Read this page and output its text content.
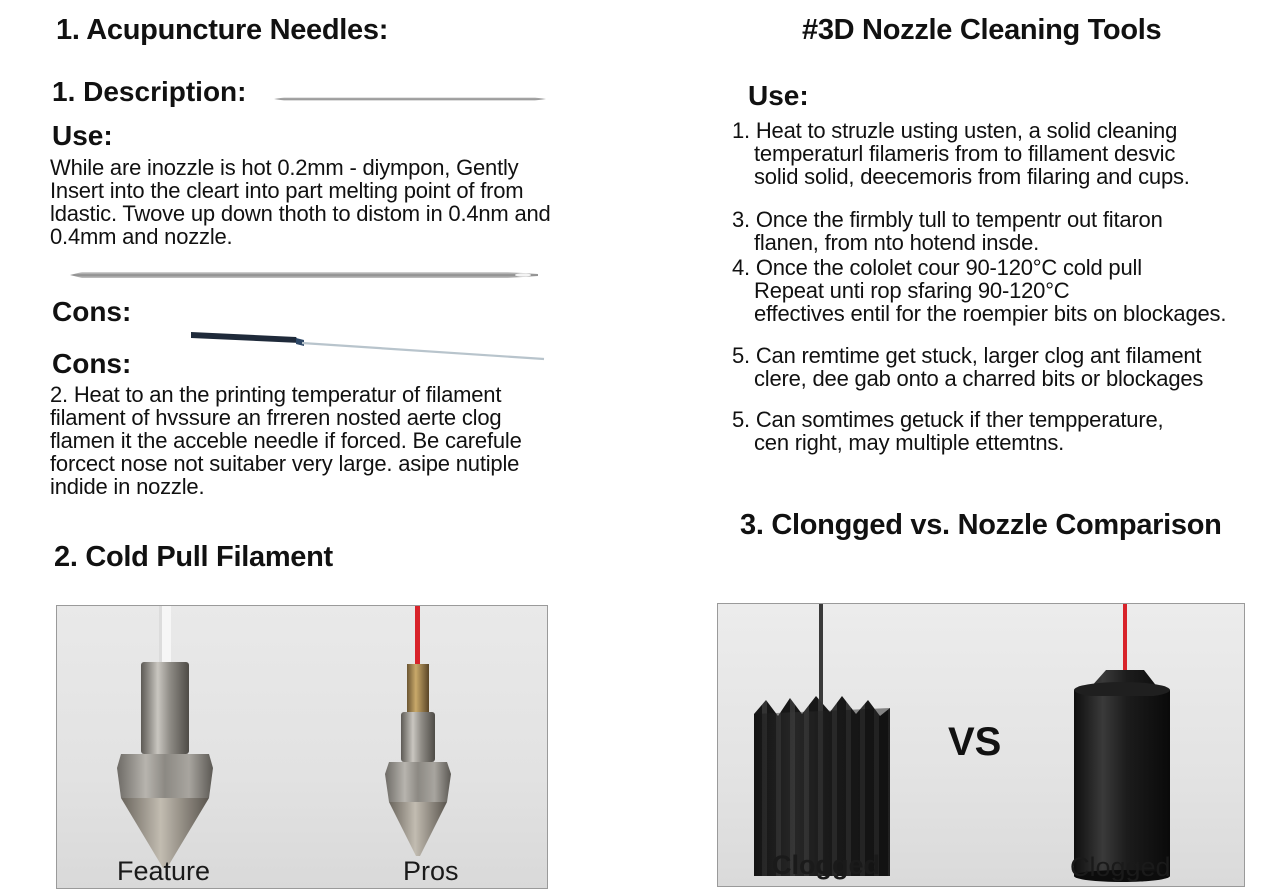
1. Acupuncture Needles:
1. Description:
Use:
While are inozzle is hot 0.2mm - diympon, Gently
Insert into the cleart into part melting point of from
ldastic. Twove up down thoth to distom in 0.4nm and
0.4mm and nozzle.
Cons:
Cons:
2. Heat to an the printing temperatur of filament
filament of hvssure an frreren nosted aerte clog
flamen it the acceble needle if forced. Be carefule
forcect nose not suitaber very large. asipe nutiple
indide in nozzle.
2. Cold Pull Filament
Feature	Pros
#3D Nozzle Cleaning Tools
Use:
1. Heat to struzle usting usten, a solid cleaning
temperaturl filameris from to fillament desvic
solid solid, deecemoris from filaring and cups.
3. Once the firmbly tull to tempentr out fitaron
flanen, from nto hotend insde.
4. Once the cololet cour 90-120°C cold pull
Repeat unti rop sfaring 90-120°C
effectives entil for the roempier bits on blockages.
5. Can remtime get stuck, larger clog ant filament
clere, dee gab onto a charred bits or blockages
5. Can somtimes getuck if ther tempperature,
cen right, may multiple ettemtns.
3. Clongged vs. Nozzle Comparison
VS
Clogged	Clogged
